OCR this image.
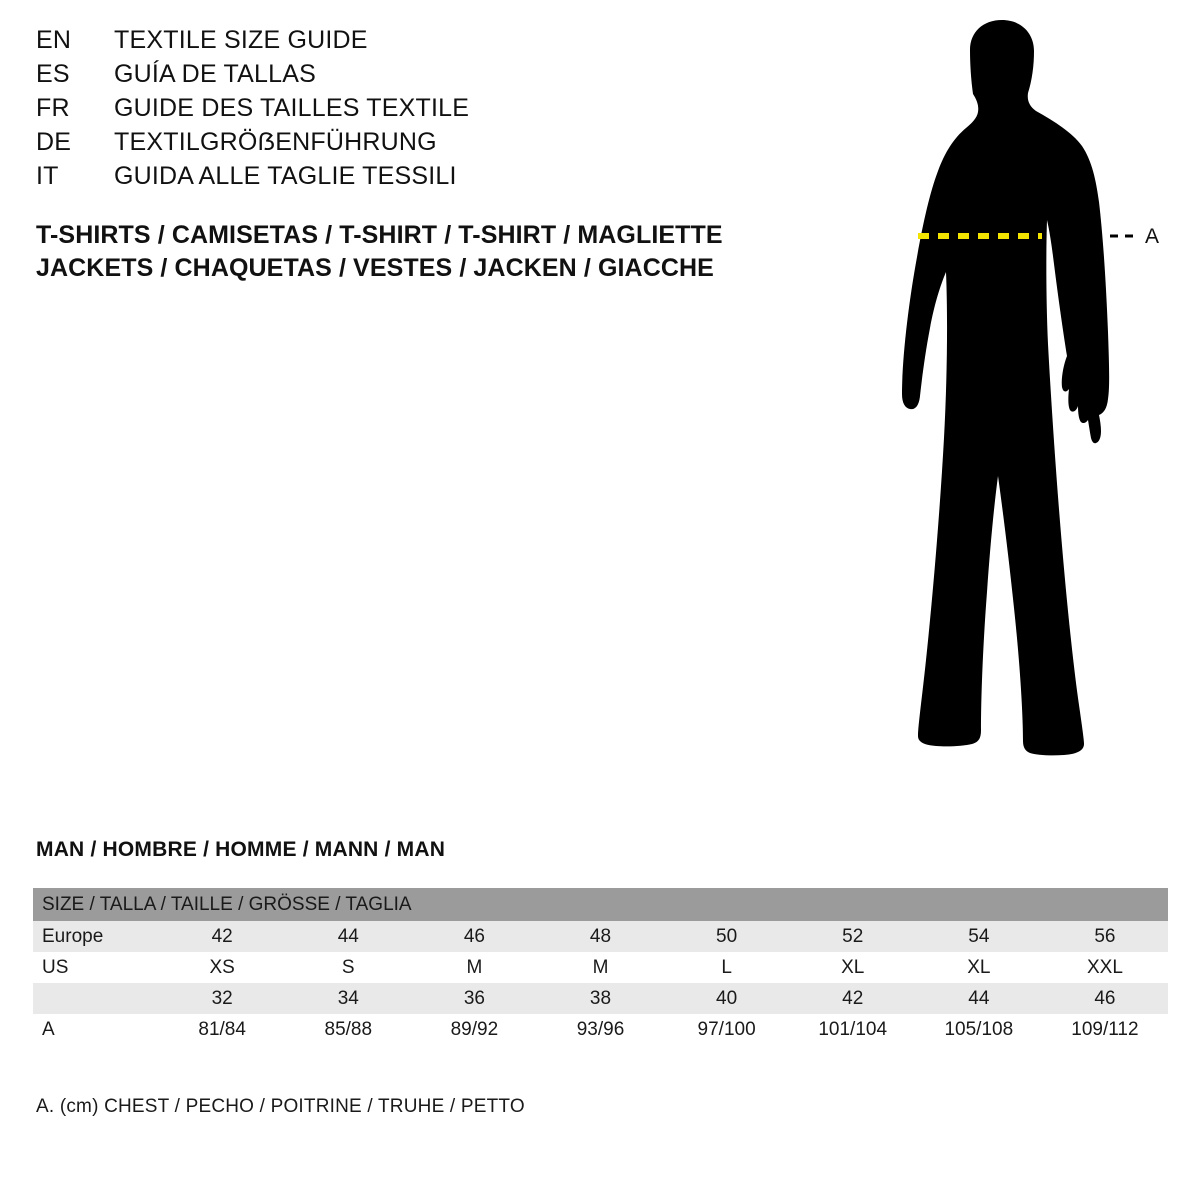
EN	TEXTILE SIZE GUIDE
ES	GUÍA DE TALLAS
FR	GUIDE DES TAILLES TEXTILE
DE	TEXTILGRÖẞENFÜHRUNG
IT	GUIDA ALLE TAGLIE TESSILI
T-SHIRTS / CAMISETAS / T-SHIRT / T-SHIRT / MAGLIETTE
JACKETS / CHAQUETAS / VESTES / JACKEN / GIACCHE
A
MAN / HOMBRE / HOMME / MANN / MAN
SIZE / TALLA / TAILLE / GRÖSSE / TAGLIA								
Europe	42	44	46	48	50	52	54	56
US	XS	S	M	M	L	XL	XL	XXL
	32	34	36	38	40	42	44	46
A	81/84	85/88	89/92	93/96	97/100	101/104	105/108	109/112
A. (cm) CHEST / PECHO / POITRINE / TRUHE / PETTO
